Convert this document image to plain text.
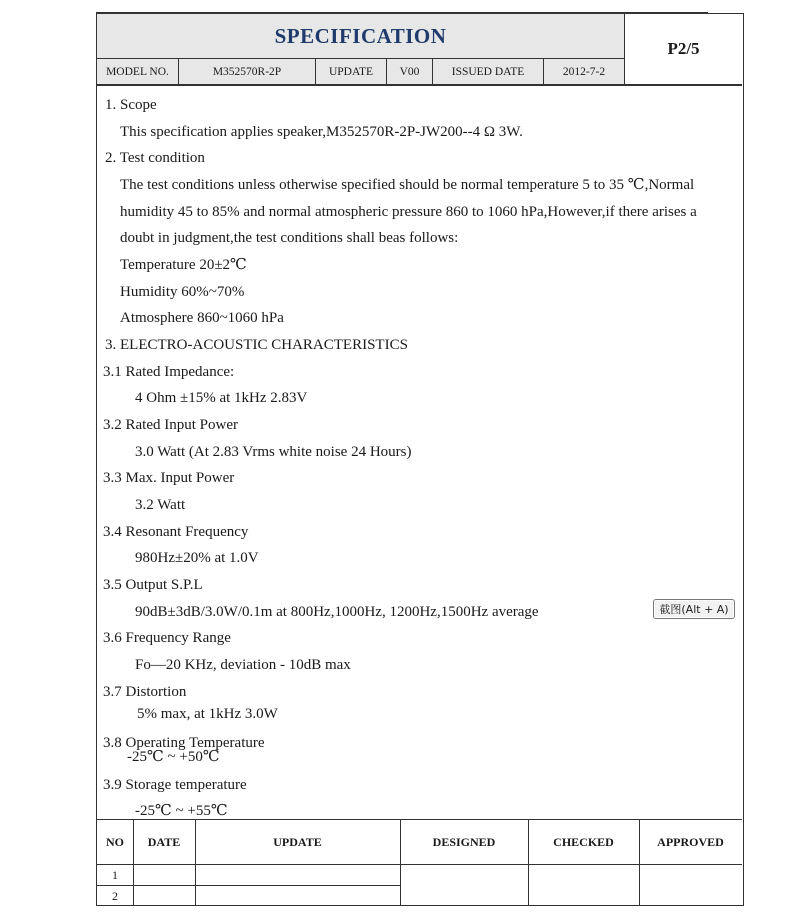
SPECIFICATION
P2/5
MODEL NO.	M352570R-2P	UPDATE	V00	ISSUED DATE	2012-7-2
1. Scope
This specification applies speaker,M352570R-2P-JW200--4 Ω 3W.
2. Test condition
The test conditions unless otherwise specified should be normal temperature 5 to 35 ℃,Normal
humidity 45 to 85% and normal atmospheric pressure 860 to 1060 hPa,However,if there arises a
doubt in judgment,the test conditions shall beas follows:
Temperature 20±2℃
Humidity 60%~70%
Atmosphere 860~1060 hPa
3. ELECTRO-ACOUSTIC CHARACTERISTICS
3.1 Rated Impedance:
4 Ohm ±15% at 1kHz 2.83V
3.2 Rated Input Power
3.0 Watt (At 2.83 Vrms white noise 24 Hours)
3.3 Max. Input Power
3.2 Watt
3.4 Resonant Frequency
980Hz±20% at 1.0V
3.5 Output S.P.L
90dB±3dB/3.0W/0.1m at 800Hz,1000Hz, 1200Hz,1500Hz average
3.6 Frequency Range
Fo—20 KHz, deviation - 10dB max
3.7 Distortion
5% max, at 1kHz 3.0W
3.8 Operating Temperature
-25℃ ~ +50℃
3.9 Storage temperature
-25℃ ~ +55℃
截图(Alt + A)
NO	DATE	UPDATE	DESIGNED	CHECKED	APPROVED
1
2
